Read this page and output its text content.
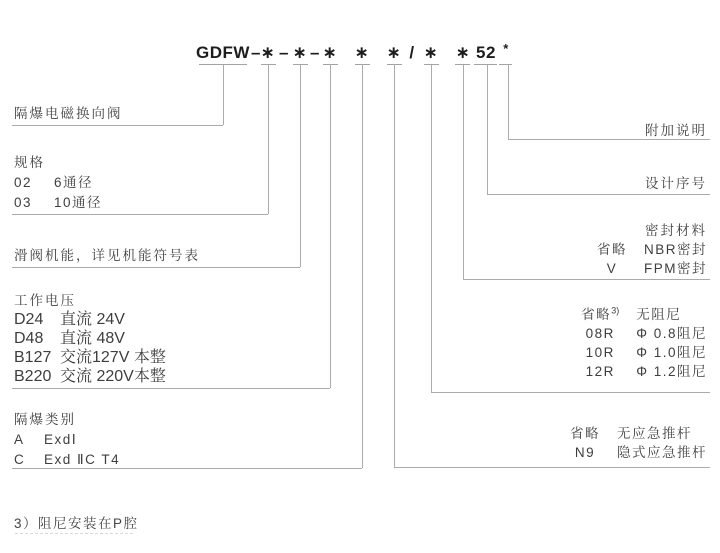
GDFW – ∗ – ∗ – ∗ ∗ ∗ / ∗ ∗ 52 *
隔爆电磁换向阀
规格
02	6通径
03	10通径
滑阀机能，详见机能符号表
工作电压
D24	直流 24V
D48	直流 48V
B127 交流127V 本整
B220 交流 220V本整
隔爆类别
A	ExdⅠ
C	Exd ⅡC T4
附加说明
设计序号
密封材料
省略	NBR密封
V	FPM密封
省略$^{3)}$	无阻尼
08R	Φ 0.8阻尼
10R	Φ 1.0阻尼
12R	Φ 1.2阻尼
省略	无应急推杆
N9	隐式应急推杆
3）阻尼安装在P腔
